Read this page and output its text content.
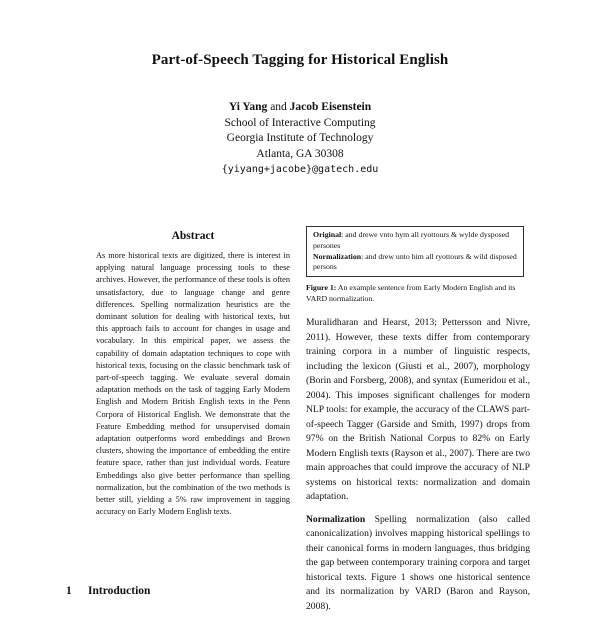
Part-of-Speech Tagging for Historical English
Yi Yang and Jacob Eisenstein
School of Interactive Computing
Georgia Institute of Technology
Atlanta, GA 30308
{yiyang+jacobe}@gatech.edu
Abstract
As more historical texts are digitized, there is interest in applying natural language processing tools to these archives. However, the performance of these tools is often unsatisfactory, due to language change and genre differences. Spelling normalization heuristics are the dominant solution for dealing with historical texts, but this approach fails to account for changes in usage and vocabulary. In this empirical paper, we assess the capability of domain adaptation techniques to cope with historical texts, focusing on the classic benchmark task of part-of-speech tagging. We evaluate several domain adaptation methods on the task of tagging Early Modern English and Modern British English texts in the Penn Corpora of Historical English. We demonstrate that the Feature Embedding method for unsupervised domain adaptation outperforms word embeddings and Brown clusters, showing the importance of embedding the entire feature space, rather than just individual words. Feature Embeddings also give better performance than spelling normalization, but the combination of the two methods is better still, yielding a 5% raw improvement in tagging accuracy on Early Modern English texts.
1 Introduction
Original: and drewe vnto hym all ryottours & wylde dysposed persones
Normalization: and drew unto him all ryottours & wild disposed persons
Figure 1: An example sentence from Early Modern English and its VARD normalization.

Muralidharan and Hearst, 2013; Pettersson and Nivre, 2011). However, these texts differ from contemporary training corpora in a number of linguistic respects, including the lexicon (Giusti et al., 2007), morphology (Borin and Forsberg, 2008), and syntax (Eumeridou et al., 2004). This imposes significant challenges for modern NLP tools: for example, the accuracy of the CLAWS part-of-speech Tagger (Garside and Smith, 1997) drops from 97% on the British National Corpus to 82% on Early Modern English texts (Rayson et al., 2007). There are two main approaches that could improve the accuracy of NLP systems on historical texts: normalization and domain adaptation.

Normalization Spelling normalization (also called canonicalization) involves mapping historical spellings to their canonical forms in modern languages, thus bridging the gap between contemporary training corpora and target historical texts. Figure 1 shows one historical sentence and its normalization by VARD (Baron and Rayson, 2008).
